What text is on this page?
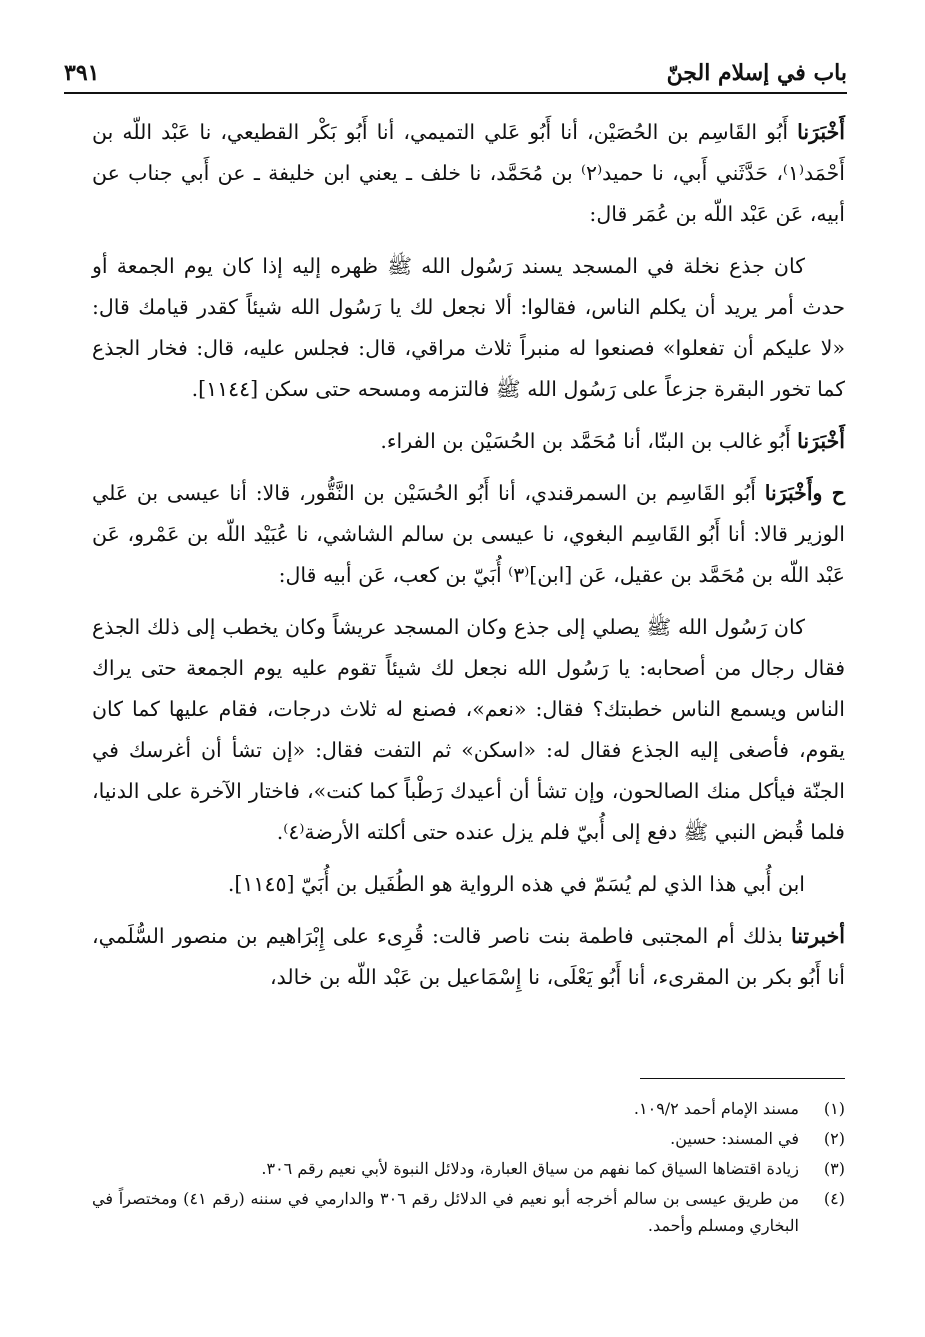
باب في إسلام الجنّ
٣٩١

أَخْبَرَنا أَبُو القَاسِم بن الحُصَيْن، أنا أَبُو عَلي التميمي، أنا أَبُو بَكْر القطيعي، نا عَبْد اللّه بن أَحْمَد⁽١⁾، حَدَّثَني أَبي، نا حميد⁽٢⁾ بن مُحَمَّد، نا خلف ـ يعني ابن خليفة ـ عن أَبي جناب عن أبيه، عَن عَبْد اللّه بن عُمَر قال:

كان جذع نخلة في المسجد يسند رَسُول الله ﷺ ظهره إليه إذا كان يوم الجمعة أو حدث أمر يريد أن يكلم الناس، فقالوا: ألا نجعل لك يا رَسُول الله شيئاً كقدر قيامك قال: «لا عليكم أن تفعلوا» فصنعوا له منبراً ثلاث مراقي، قال: فجلس عليه، قال: فخار الجذع كما تخور البقرة جزعاً على رَسُول الله ﷺ فالتزمه ومسحه حتى سكن [١١٤٤].

أَخْبَرَنا أَبُو غالب بن البنّا، أنا مُحَمَّد بن الحُسَيْن بن الفراء.

ح وأَخْبَرَنا أَبُو القَاسِم بن السمرقندي، أنا أَبُو الحُسَيْن بن النَّقُّور، قالا: أنا عيسى بن عَلي الوزير قالا: أنا أَبُو القَاسِم البغوي، نا عيسى بن سالم الشاشي، نا عُبَيْد اللّه بن عَمْرو، عَن عَبْد اللّه بن مُحَمَّد بن عقيل، عَن [ابن]⁽٣⁾ أُبَيّ بن كعب، عَن أبيه قال:

كان رَسُول الله ﷺ يصلي إلى جذع وكان المسجد عريشاً وكان يخطب إلى ذلك الجذع فقال رجال من أصحابه: يا رَسُول الله نجعل لك شيئاً تقوم عليه يوم الجمعة حتى يراك الناس ويسمع الناس خطبتك؟ فقال: «نعم»، فصنع له ثلاث درجات، فقام عليها كما كان يقوم، فأصغى إليه الجذع فقال له: «اسكن» ثم التفت فقال: «إن تشأ أن أغرسك في الجنّة فيأكل منك الصالحون، وإن تشأ أن أعيدك رَطْباً كما كنت»، فاختار الآخرة على الدنيا، فلما قُبض النبي ﷺ دفع إلى أُبيّ فلم يزل عنده حتى أكلته الأرضة⁽٤⁾.

ابن أُبي هذا الذي لم يُسَمّ في هذه الرواية هو الطُفَيل بن أُبَيّ [١١٤٥].

أخبرتنا بذلك أم المجتبى فاطمة بنت ناصر قالت: قُرِىء على إِبْرَاهيم بن منصور السُّلَمي، أنا أَبُو بكر بن المقرىء، أنا أَبُو يَعْلَى، نا إِسْمَاعيل بن عَبْد اللّه بن خالد،

(١)
مسند الإمام أحمد ١٠٩/٢.
(٢)
في المسند: حسين.
(٣)
زيادة اقتضاها السياق كما نفهم من سياق العبارة، ودلائل النبوة لأبي نعيم رقم ٣٠٦.
(٤)
من طريق عيسى بن سالم أخرجه أبو نعيم في الدلائل رقم ٣٠٦ والدارمي في سننه (رقم ٤١) ومختصراً في البخاري ومسلم وأحمد.
